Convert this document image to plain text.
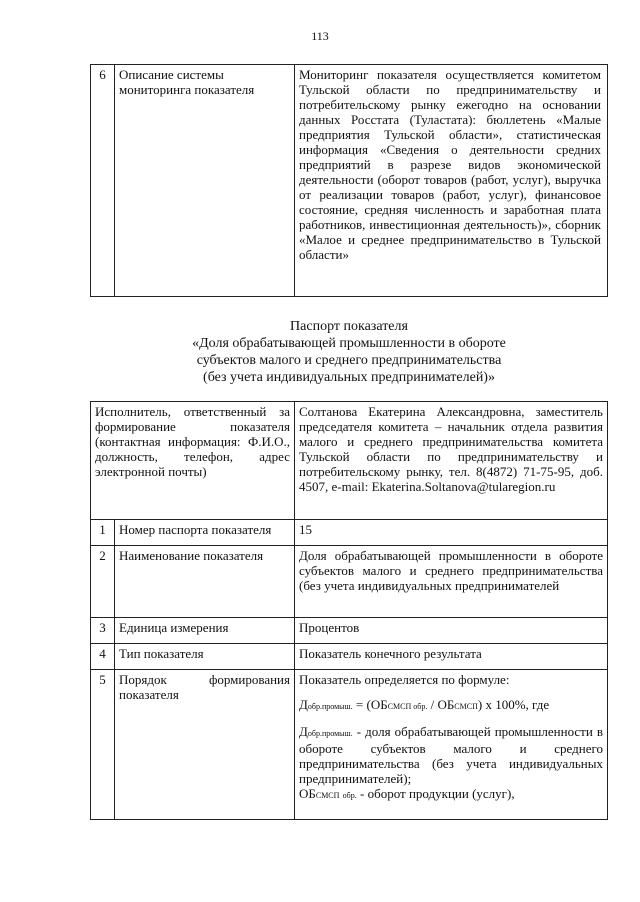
113
6	Описание системы мониторинга показателя	Мониторинг показателя осуществляется комитетом Тульской области по предпринимательству и потребительскому рынку ежегодно на основании данных Росстата (Туластата): бюллетень «Малые предприятия Тульской области», статистическая информация «Сведения о деятельности средних предприятий в разрезе видов экономической деятельности (оборот товаров (работ, услуг), выручка от реализации товаров (работ, услуг), финансовое состояние, средняя численность и заработная плата работников, инвестиционная деятельность)», сборник «Малое и среднее предпринимательство в Тульской области»
Паспорт показателя
«Доля обрабатывающей промышленности в обороте
субъектов малого и среднего предпринимательства
(без учета индивидуальных предпринимателей)»
Исполнитель, ответственный за формирование показателя (контактная информация: Ф.И.О., должность, телефон, адрес электронной почты)		Солтанова Екатерина Александровна, заместитель председателя комитета – начальник отдела развития малого и среднего предпринимательства комитета Тульской области по предпринимательству и потребительскому рынку, тел. 8(4872) 71-75-95, доб. 4507, e-mail: Ekaterina.Soltanova@tularegion.ru
1	Номер паспорта показателя	15
2	Наименование показателя	Доля обрабатывающей промышленности в обороте субъектов малого и среднего предпринимательства (без учета индивидуальных предпринимателей
3	Единица измерения	Процентов
4	Тип показателя	Показатель конечного результата
5	Порядок формирования показателя	Показатель определяется по формуле:
Добр.промыш. = (ОБСМСП обр. / ОБСМСП) x 100%, где
Добр.промыш. - доля обрабатывающей промышленности в обороте субъектов малого и среднего предпринимательства (без учета индивидуальных предпринимателей);
ОБСМСП обр. - оборот продукции (услуг),
